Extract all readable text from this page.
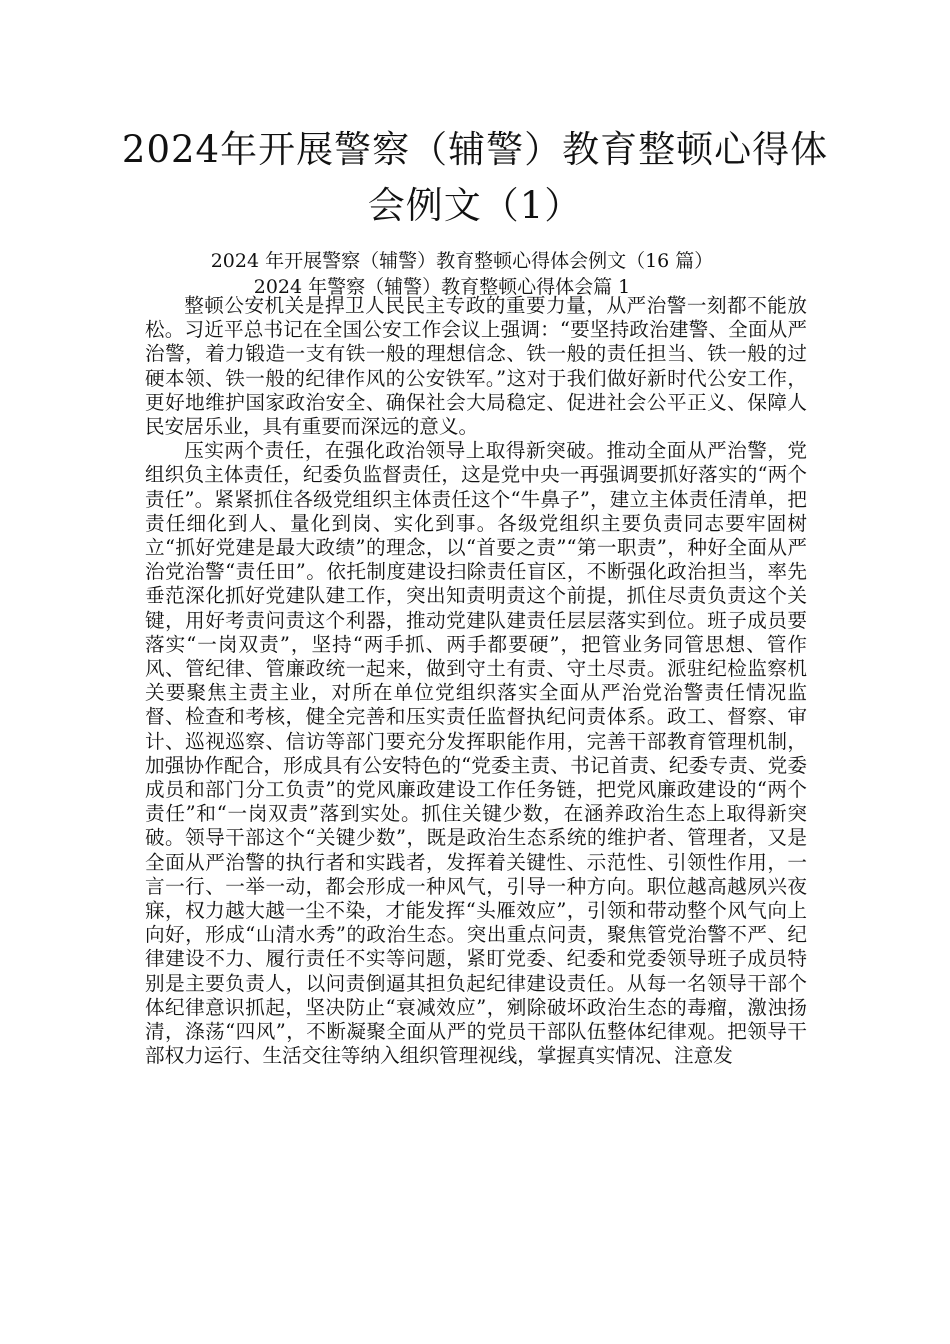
2024年开展警察（辅警）教育整顿心得体会例文（1）
2024 年开展警察（辅警）教育整顿心得体会例文（16 篇）
2024 年警察（辅警）教育整顿心得体会篇 1

整顿公安机关是捍卫人民民主专政的重要力量，从严治警一刻都不能放松。习近平总书记在全国公安工作会议上强调：“要坚持政治建警、全面从严治警，着力锻造一支有铁一般的理想信念、铁一般的责任担当、铁一般的过硬本领、铁一般的纪律作风的公安铁军。”这对于我们做好新时代公安工作，更好地维护国家政治安全、确保社会大局稳定、促进社会公平正义、保障人民安居乐业，具有重要而深远的意义。

压实两个责任，在强化政治领导上取得新突破。推动全面从严治警，党组织负主体责任，纪委负监督责任，这是党中央一再强调要抓好落实的“两个责任”。紧紧抓住各级党组织主体责任这个“牛鼻子”，建立主体责任清单，把责任细化到人、量化到岗、实化到事。各级党组织主要负责同志要牢固树立“抓好党建是最大政绩”的理念，以“首要之责”“第一职责”，种好全面从严治党治警“责任田”。依托制度建设扫除责任盲区，不断强化政治担当，率先垂范深化抓好党建队建工作，突出知责明责这个前提，抓住尽责负责这个关键，用好考责问责这个利器，推动党建队建责任层层落实到位。班子成员要落实“一岗双责”，坚持“两手抓、两手都要硬”，把管业务同管思想、管作风、管纪律、管廉政统一起来，做到守土有责、守土尽责。派驻纪检监察机关要聚焦主责主业，对所在单位党组织落实全面从严治党治警责任情况监督、检查和考核，健全完善和压实责任监督执纪问责体系。政工、督察、审计、巡视巡察、信访等部门要充分发挥职能作用，完善干部教育管理机制，加强协作配合，形成具有公安特色的“党委主责、书记首责、纪委专责、党委成员和部门分工负责”的党风廉政建设工作任务链，把党风廉政建设的“两个责任”和“一岗双责”落到实处。抓住关键少数，在涵养政治生态上取得新突破。领导干部这个“关键少数”，既是政治生态系统的维护者、管理者，又是全面从严治警的执行者和实践者，发挥着关键性、示范性、引领性作用，一言一行、一举一动，都会形成一种风气，引导一种方向。职位越高越夙兴夜寐，权力越大越一尘不染，才能发挥“头雁效应”，引领和带动整个风气向上向好，形成“山清水秀”的政治生态。突出重点问责，聚焦管党治警不严、纪律建设不力、履行责任不实等问题，紧盯党委、纪委和党委领导班子成员特别是主要负责人，以问责倒逼其担负起纪律建设责任。从每一名领导干部个体纪律意识抓起，坚决防止“衰减效应”，剜除破坏政治生态的毒瘤，激浊扬清，涤荡“四风”，不断凝聚全面从严的党员干部队伍整体纪律观。把领导干部权力运行、生活交往等纳入组织管理视线，掌握真实情况、注意发
